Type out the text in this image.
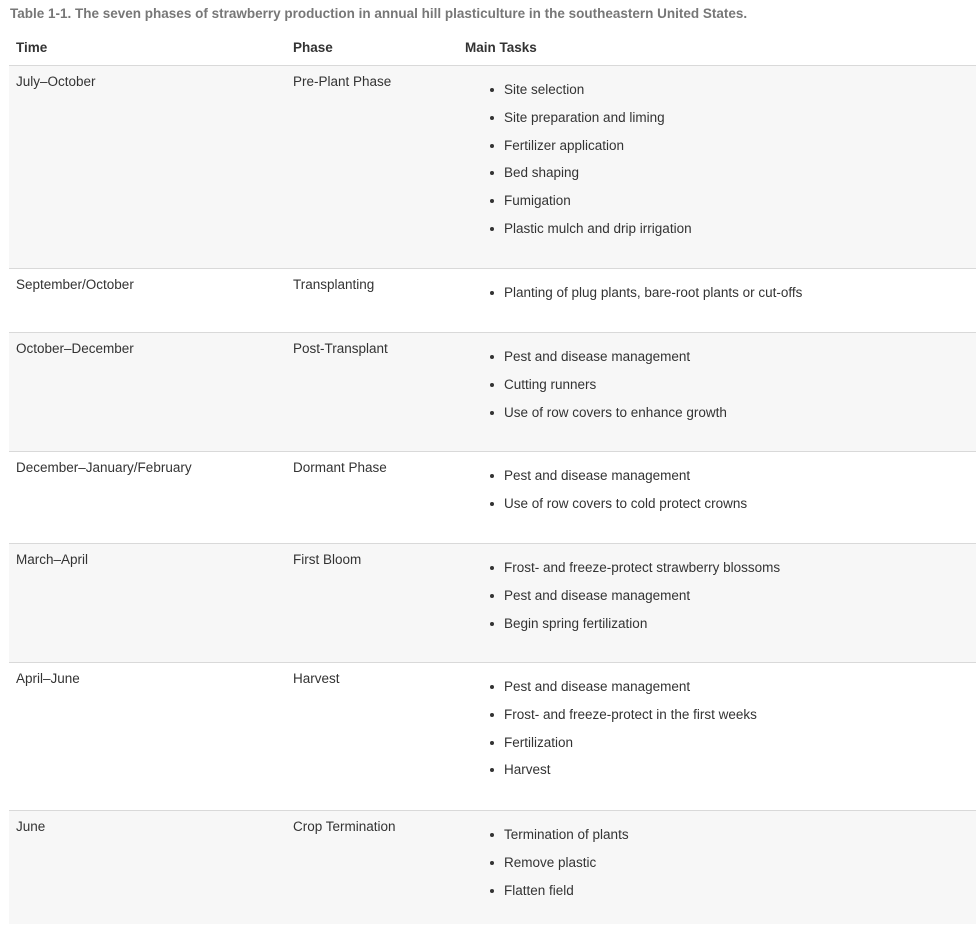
Table 1-1. The seven phases of strawberry production in annual hill plasticulture in the southeastern United States.
Time	Phase	Main Tasks
July–October	Pre-Plant Phase
Site selection
Site preparation and liming
Fertilizer application
Bed shaping
Fumigation
Plastic mulch and drip irrigation
September/October	Transplanting
Planting of plug plants, bare-root plants or cut-offs
October–December	Post-Transplant
Pest and disease management
Cutting runners
Use of row covers to enhance growth
December–January/February	Dormant Phase
Pest and disease management
Use of row covers to cold protect crowns
March–April	First Bloom
Frost- and freeze-protect strawberry blossoms
Pest and disease management
Begin spring fertilization
April–June	Harvest
Pest and disease management
Frost- and freeze-protect in the first weeks
Fertilization
Harvest
June	Crop Termination
Termination of plants
Remove plastic
Flatten field
